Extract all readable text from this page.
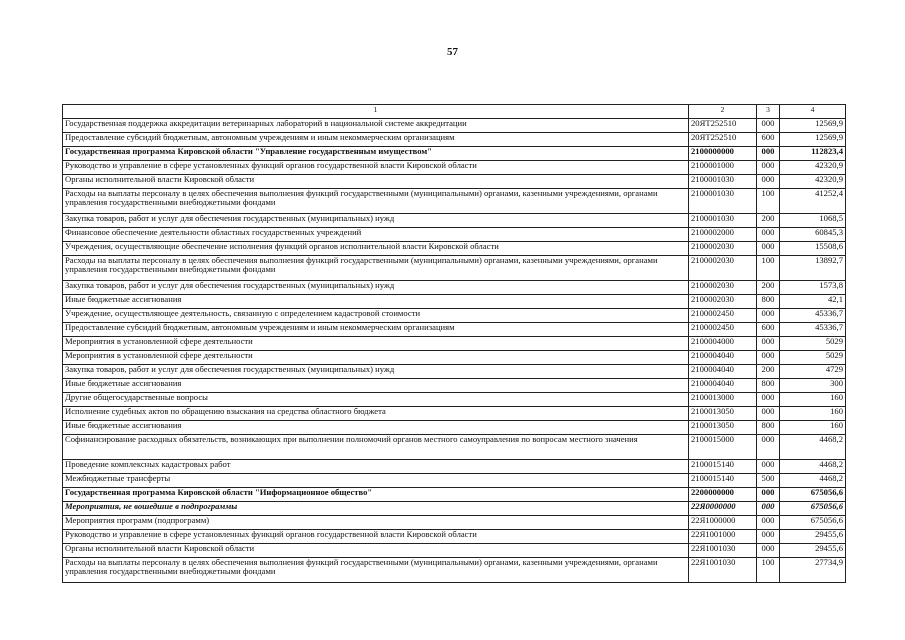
57
1	2	3	4
Государственная поддержка аккредитации ветеринарных лабораторий в национальной системе аккредитации	20ЯТ252510	000	12569,9
Предоставление субсидий бюджетным, автономным учреждениям и иным некоммерческим организациям	20ЯТ252510	600	12569,9
Государственная программа Кировской области "Управление государственным имуществом"	2100000000	000	112823,4
Руководство и управление в сфере установленных функций органов государственной власти Кировской области	2100001000	000	42320,9
Органы исполнительной власти Кировской области	2100001030	000	42320,9
Расходы на выплаты персоналу в целях обеспечения выполнения функций государственными (муниципальными) органами, казенными учреждениями, органами управления государственными внебюджетными фондами	2100001030	100	41252,4
Закупка товаров, работ и услуг для обеспечения государственных (муниципальных) нужд	2100001030	200	1068,5
Финансовое обеспечение деятельности областных государственных учреждений	2100002000	000	60845,3
Учреждения, осуществляющие обеспечение исполнения функций органов исполнительной власти Кировской области	2100002030	000	15508,6
Расходы на выплаты персоналу в целях обеспечения выполнения функций государственными (муниципальными) органами, казенными учреждениями, органами управления государственными внебюджетными фондами	2100002030	100	13892,7
Закупка товаров, работ и услуг для обеспечения государственных (муниципальных) нужд	2100002030	200	1573,8
Иные бюджетные ассигнования	2100002030	800	42,1
Учреждение, осуществляющее деятельность, связанную с определением кадастровой стоимости	2100002450	000	45336,7
Предоставление субсидий бюджетным, автономным учреждениям и иным некоммерческим организациям	2100002450	600	45336,7
Мероприятия в установленной сфере деятельности	2100004000	000	5029
Мероприятия в установленной сфере деятельности	2100004040	000	5029
Закупка товаров, работ и услуг для обеспечения государственных (муниципальных) нужд	2100004040	200	4729
Иные бюджетные ассигнования	2100004040	800	300
Другие общегосударственные вопросы	2100013000	000	160
Исполнение судебных актов по обращению взыскания на средства областного бюджета	2100013050	000	160
Иные бюджетные ассигнования	2100013050	800	160
Софинансирование расходных обязательств, возникающих при выполнении полномочий органов местного самоуправления по вопросам местного значения	2100015000	000	4468,2
Проведение комплексных кадастровых работ	2100015140	000	4468,2
Межбюджетные трансферты	2100015140	500	4468,2
Государственная программа Кировской области "Информационное общество"	2200000000	000	675056,6
Мероприятия, не вошедшие в подпрограммы	22Я0000000	000	675056,6
Мероприятия программ (подпрограмм)	22Я1000000	000	675056,6
Руководство и управление в сфере установленных функций органов государственной власти Кировской области	22Я1001000	000	29455,6
Органы исполнительной власти Кировской области	22Я1001030	000	29455,6
Расходы на выплаты персоналу в целях обеспечения выполнения функций государственными (муниципальными) органами, казенными учреждениями, органами управления государственными внебюджетными фондами	22Я1001030	100	27734,9
